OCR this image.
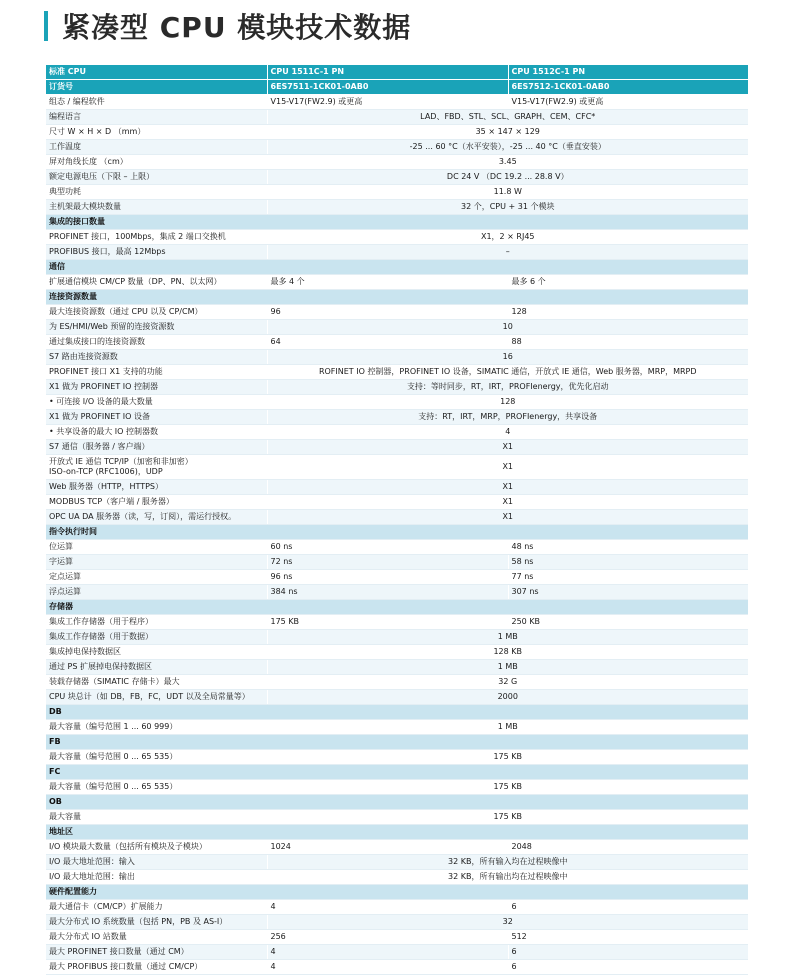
紧凑型 CPU 模块技术数据
标准 CPU	CPU 1511C-1 PN	CPU 1512C-1 PN
订货号	6ES7511-1CK01-0AB0	6ES7512-1CK01-0AB0
组态 / 编程软件	V15-V17(FW2.9) 或更高	V15-V17(FW2.9) 或更高
编程语言	LAD、FBD、STL、SCL、GRAPH、CEM、CFC*	
尺寸 W × H × D （mm）	35 × 147 × 129	
工作温度	-25 ... 60 °C（水平安装），-25 ... 40 °C（垂直安装）	
屏对角线长度 （cm）	3.45	
额定电源电压（下限 – 上限）	DC 24 V （DC 19.2 ... 28.8 V）	
典型功耗	11.8 W	
主机架最大模块数量	32 个，CPU + 31 个模块	
集成的接口数量		
PROFINET 接口，100Mbps，集成 2 端口交换机	X1，2 × RJ45	
PROFIBUS 接口，最高 12Mbps	–	
通信		
扩展通信模块 CM/CP 数量（DP、PN、以太网）	最多 4 个	最多 6 个
连接资源数量		
最大连接资源数（通过 CPU 以及 CP/CM）	96	128
为 ES/HMI/Web 预留的连接资源数	10	
通过集成接口的连接资源数	64	88
S7 路由连接资源数	16	
PROFINET 接口 X1 支持的功能	ROFINET IO 控制器，PROFINET IO 设备，SIMATIC 通信，开放式 IE 通信，Web 服务器，MRP，MRPD	
X1 做为 PROFINET IO 控制器	支持：等时同步，RT，IRT，PROFIenergy，优先化启动	
• 可连接 I/O 设备的最大数量	128	
X1 做为 PROFINET IO 设备	支持：RT，IRT，MRP，PROFIenergy，共享设备	
• 共享设备的最大 IO 控制器数	4	
S7 通信（服务器 / 客户端）	X1	

开放式 IE 通信 TCP/IP（加密和非加密）
ISO-on-TCP (RFC1006)，UDP	X1	
Web 服务器（HTTP，HTTPS）	X1	
MODBUS TCP（客户端 / 服务器）	X1	
OPC UA DA 服务器（读，写，订阅），需运行授权。	X1	
指令执行时间		
位运算	60 ns	48 ns
字运算	72 ns	58 ns
定点运算	96 ns	77 ns
浮点运算	384 ns	307 ns
存储器		
集成工作存储器（用于程序）	175 KB	250 KB
集成工作存储器（用于数据）	1 MB	
集成掉电保持数据区	128 KB	
通过 PS 扩展掉电保持数据区	1 MB	
装载存储器（SIMATIC 存储卡）最大	32 G	
CPU 块总计（如 DB，FB，FC，UDT 以及全局常量等）	2000	
DB		
最大容量（编号范围 1 ... 60 999）	1 MB	
FB		
最大容量（编号范围 0 ... 65 535）	175 KB	
FC		
最大容量（编号范围 0 ... 65 535）	175 KB	
OB		
最大容量	175 KB	
地址区		
I/O 模块最大数量（包括所有模块及子模块）	1024	2048
I/O 最大地址范围：输入	32 KB，所有输入均在过程映像中	
I/O 最大地址范围：输出	32 KB，所有输出均在过程映像中	
硬件配置能力		
最大通信卡（CM/CP）扩展能力	4	6
最大分布式 IO 系统数量（包括 PN，PB 及 AS-I）	32	
最大分布式 IO 站数量	256	512
最大 PROFINET 接口数量（通过 CM）	4	6
最大 PROFIBUS 接口数量（通过 CM/CP）	4	6
